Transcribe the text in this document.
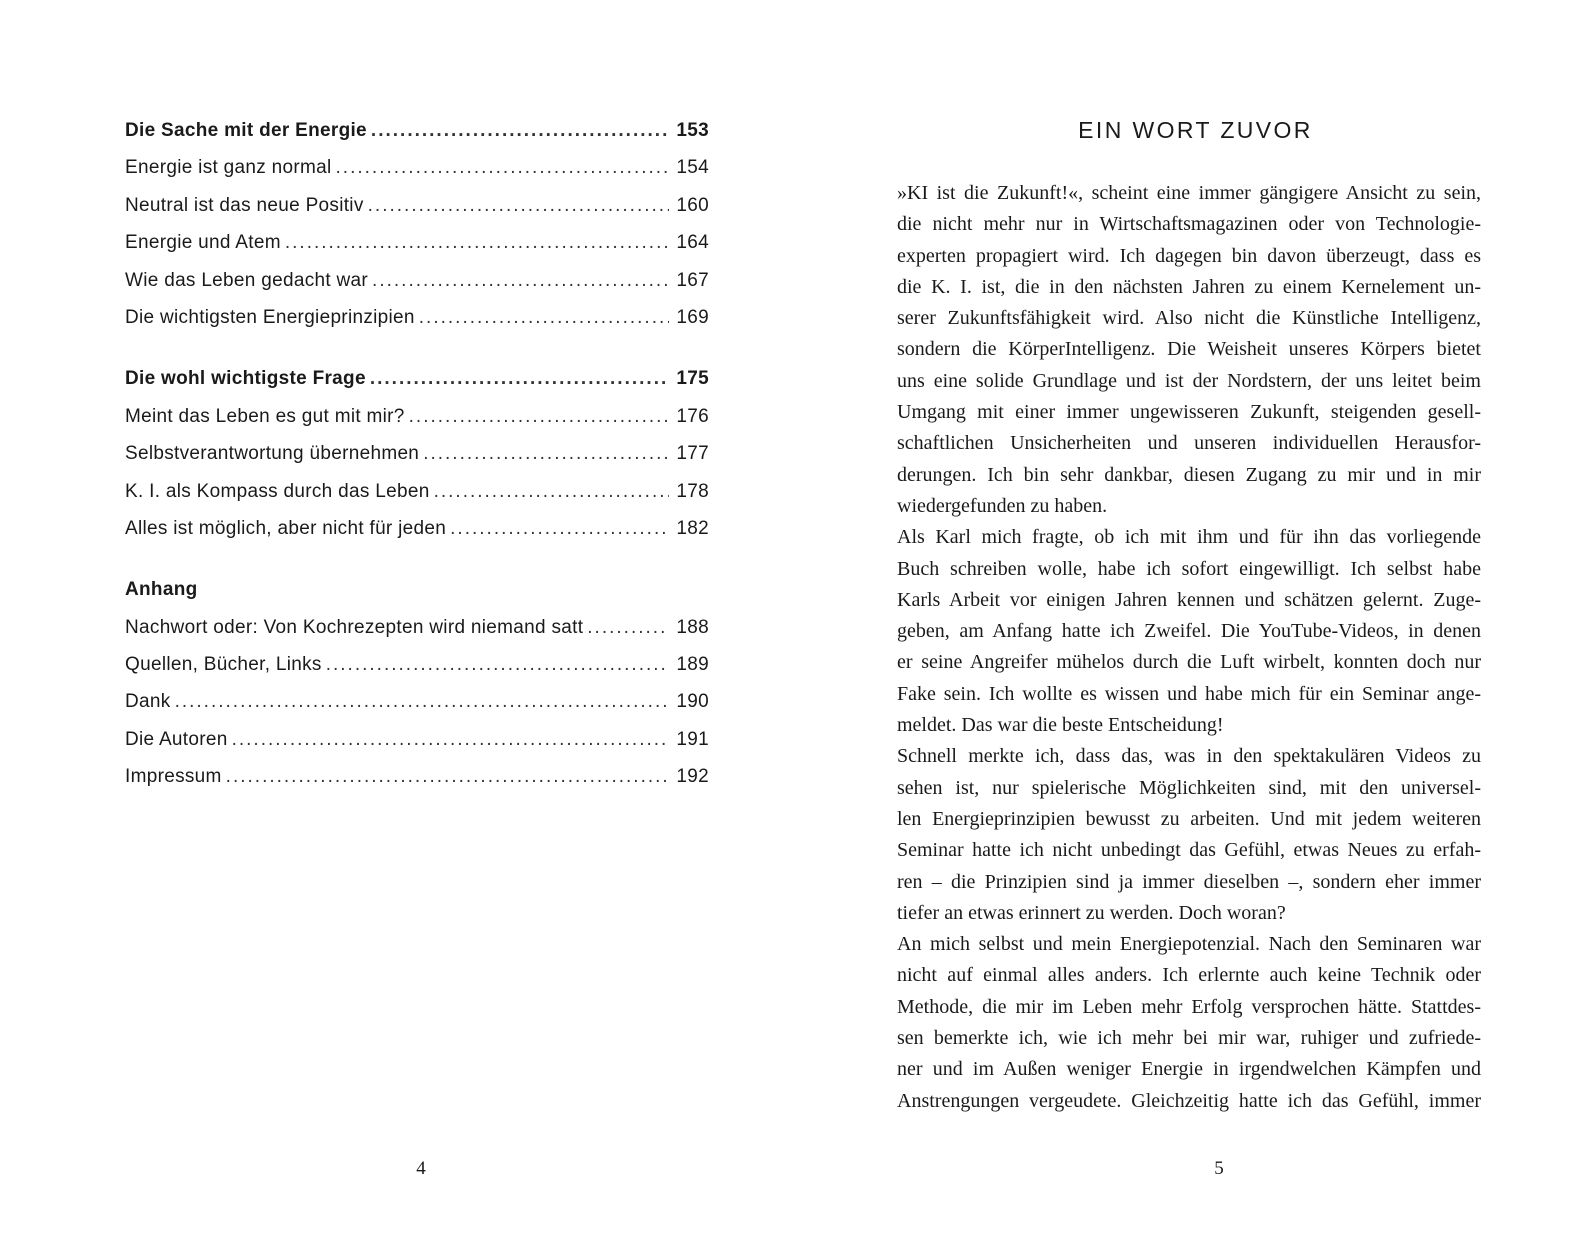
Die Sache mit der Energie .....	153
Energie ist ganz normal .....	154
Neutral ist das neue Positiv .....	160
Energie und Atem .....	164
Wie das Leben gedacht war .....	167
Die wichtigsten Energieprinzipien .....	169
Die wohl wichtigste Frage .....	175
Meint das Leben es gut mit mir? .....	176
Selbstverantwortung übernehmen .....	177
K. I. als Kompass durch das Leben .....	178
Alles ist möglich, aber nicht für jeden .....	182
Anhang
Nachwort oder: Von Kochrezepten wird niemand satt .....	188
Quellen, Bücher, Links .....	189
Dank .....	190
Die Autoren .....	191
Impressum .....	192
4
EIN WORT ZUVOR
»KI ist die Zukunft!«, scheint eine immer gängigere Ansicht zu sein,
die nicht mehr nur in Wirtschaftsmagazinen oder von Technologie-
experten propagiert wird. Ich dagegen bin davon überzeugt, dass es
die K. I. ist, die in den nächsten Jahren zu einem Kernelement un-
serer Zukunftsfähigkeit wird. Also nicht die Künstliche Intelligenz,
sondern die KörperIntelligenz. Die Weisheit unseres Körpers bietet
uns eine solide Grundlage und ist der Nordstern, der uns leitet beim
Umgang mit einer immer ungewisseren Zukunft, steigenden gesell-
schaftlichen Unsicherheiten und unseren individuellen Herausfor-
derungen. Ich bin sehr dankbar, diesen Zugang zu mir und in mir
wiedergefunden zu haben.
Als Karl mich fragte, ob ich mit ihm und für ihn das vorliegende
Buch schreiben wolle, habe ich sofort eingewilligt. Ich selbst habe
Karls Arbeit vor einigen Jahren kennen und schätzen gelernt. Zuge-
geben, am Anfang hatte ich Zweifel. Die YouTube-Videos, in denen
er seine Angreifer mühelos durch die Luft wirbelt, konnten doch nur
Fake sein. Ich wollte es wissen und habe mich für ein Seminar ange-
meldet. Das war die beste Entscheidung!
Schnell merkte ich, dass das, was in den spektakulären Videos zu
sehen ist, nur spielerische Möglichkeiten sind, mit den universel-
len Energieprinzipien bewusst zu arbeiten. Und mit jedem weiteren
Seminar hatte ich nicht unbedingt das Gefühl, etwas Neues zu erfah-
ren – die Prinzipien sind ja immer dieselben –, sondern eher immer
tiefer an etwas erinnert zu werden. Doch woran?
An mich selbst und mein Energiepotenzial. Nach den Seminaren war
nicht auf einmal alles anders. Ich erlernte auch keine Technik oder
Methode, die mir im Leben mehr Erfolg versprochen hätte. Stattdes-
sen bemerkte ich, wie ich mehr bei mir war, ruhiger und zufriede-
ner und im Außen weniger Energie in irgendwelchen Kämpfen und
Anstrengungen vergeudete. Gleichzeitig hatte ich das Gefühl, immer
5
